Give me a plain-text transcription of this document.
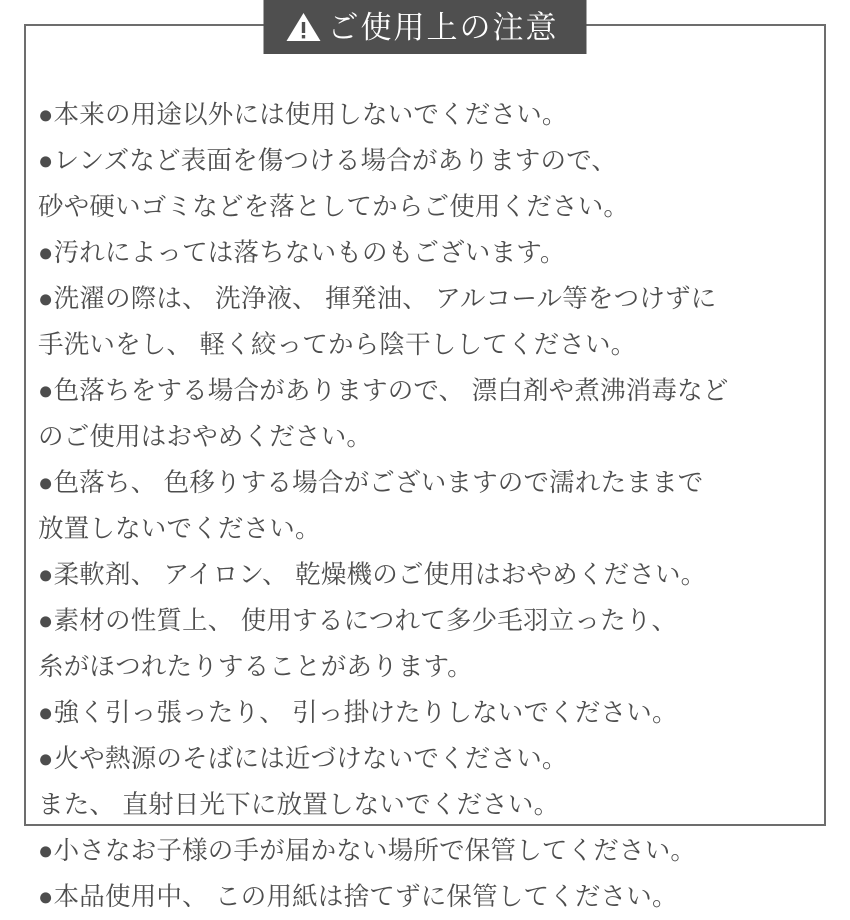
ご使用上の注意
●本来の用途以外には使用しないでください。
●レンズなど表面を傷つける場合がありますので、
砂や硬いゴミなどを落としてからご使用ください。
●汚れによっては落ちないものもございます。
●洗濯の際は、 洗浄液、 揮発油、 アルコール等をつけずに
手洗いをし、 軽く絞ってから陰干ししてください。
●色落ちをする場合がありますので、 漂白剤や煮沸消毒など
のご使用はおやめください。
●色落ち、 色移りする場合がございますので濡れたままで
放置しないでください。
●柔軟剤、 アイロン、 乾燥機のご使用はおやめください。
●素材の性質上、 使用するにつれて多少毛羽立ったり、
糸がほつれたりすることがあります。
●強く引っ張ったり、 引っ掛けたりしないでください。
●火や熱源のそばには近づけないでください。
また、 直射日光下に放置しないでください。
●小さなお子様の手が届かない場所で保管してください。
●本品使用中、 この用紙は捨てずに保管してください。
